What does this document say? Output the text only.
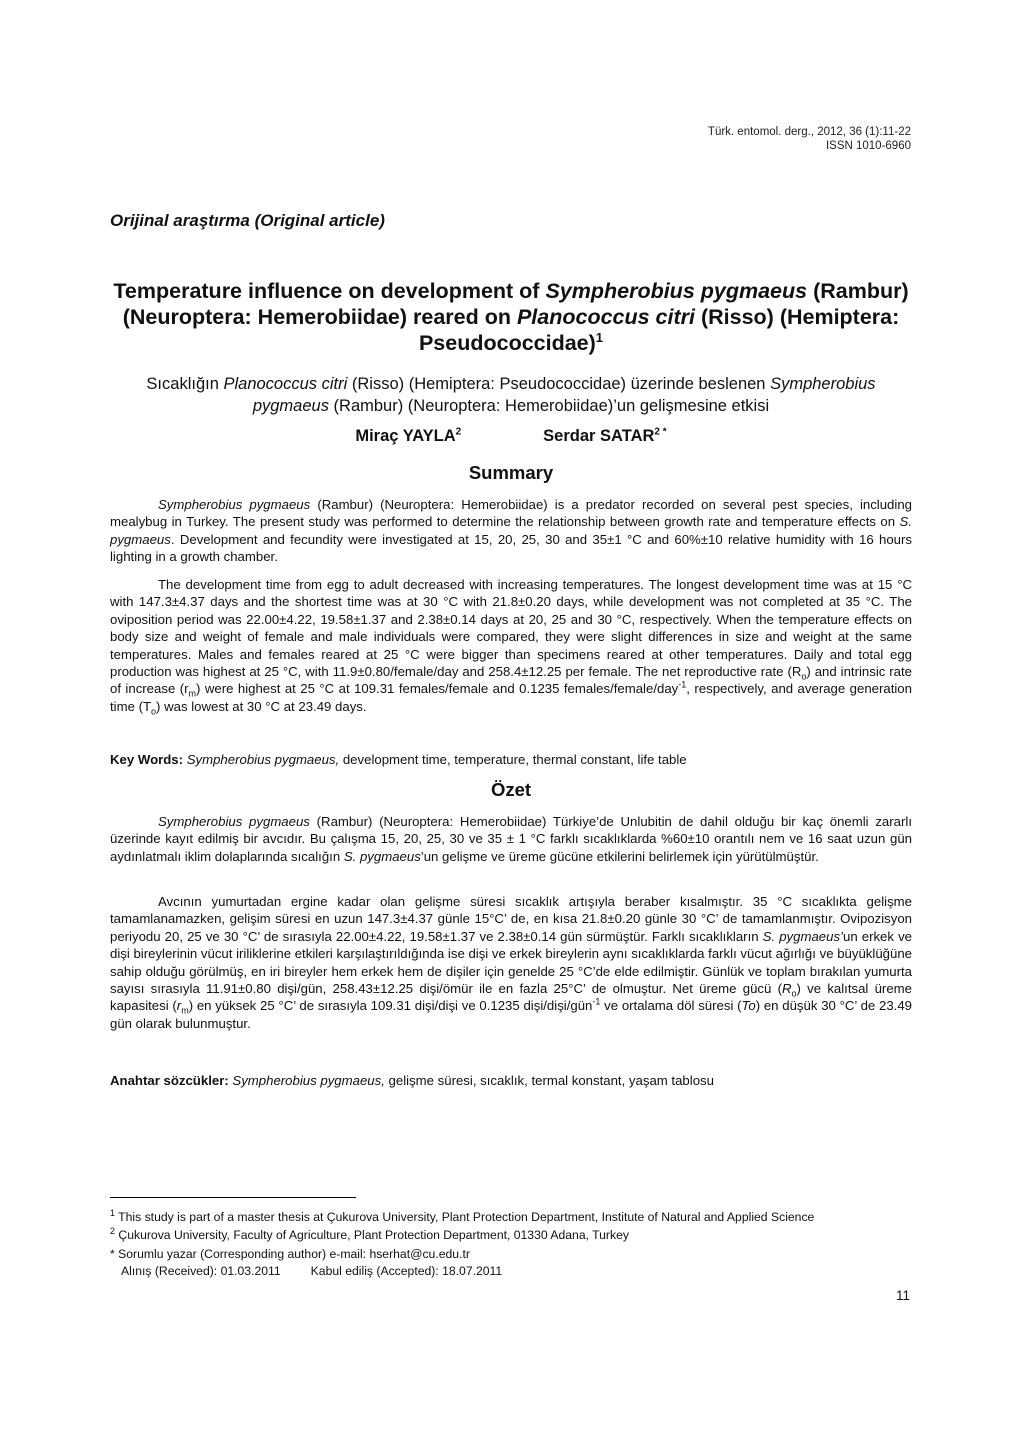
Türk. entomol. derg., 2012, 36 (1):11-22
ISSN 1010-6960
Orijinal araştırma (Original article)
Temperature influence on development of Sympherobius pygmaeus (Rambur) (Neuroptera: Hemerobiidae) reared on Planococcus citri (Risso) (Hemiptera: Pseudococcidae)$^1$
Sıcaklığın Planococcus citri (Risso) (Hemiptera: Pseudococcidae) üzerinde beslenen Sympherobius pygmaeus (Rambur) (Neuroptera: Hemerobiidae)’un gelişmesine etkisi
Miraç YAYLA$^2$	Serdar $SATAR^{2 *}$
Summary
Sympherobius pygmaeus (Rambur) (Neuroptera: Hemerobiidae) is a predator recorded on several pest species, including mealybug in Turkey. The present study was performed to determine the relationship between growth rate and temperature effects on S. pygmaeus. Development and fecundity were investigated at 15, 20, 25, 30 and 35±1 °C and 60%±10 relative humidity with 16 hours lighting in a growth chamber.
The development time from egg to adult decreased with increasing temperatures. The longest development time was at 15 °C with 147.3±4.37 days and the shortest time was at 30 °C with 21.8±0.20 days, while development was not completed at 35 °C. The oviposition period was 22.00±4.22, 19.58±1.37 and 2.38±0.14 days at 20, 25 and 30 °C, respectively. When the temperature effects on body size and weight of female and male individuals were compared, they were slight differences in size and weight at the same temperatures. Males and females reared at 25 °C were bigger than specimens reared at other temperatures. Daily and total egg production was highest at 25 °C, with 11.9±0.80/female/day and 258.4±12.25 per female. The net reproductive rate $(R_o)$ and intrinsic rate of increase $(r_m)$ were highest at 25 °C at 109.31 females/female and 0.1235 females/female/day$^{-1}$, respectively, and average generation time $(T_o)$ was lowest at 30 °C at 23.49 days.
Key Words: Sympherobius pygmaeus, development time, temperature, thermal constant, life table
Özet
Sympherobius pygmaeus (Rambur) (Neuroptera: Hemerobiidae) Türkiye’de Unlubitin de dahil olduğu bir kaç önemli zararlı üzerinde kayıt edilmiş bir avcıdır. Bu çalışma 15, 20, 25, 30 ve 35 ± 1 °C farklı sıcaklıklarda %60±10 orantılı nem ve 16 saat uzun gün aydınlatmalı iklim dolaplarında sıcalığın S. pygmaeus’un gelişme ve üreme gücüne etkilerini belirlemek için yürütülmüştür.
Avcının yumurtadan ergine kadar olan gelişme süresi sıcaklık artışıyla beraber kısalmıştır. 35 °C sıcaklıkta gelişme tamamlanamazken, gelişim süresi en uzun 147.3±4.37 günle 15°C’ de, en kısa 21.8±0.20 günle 30 °C’ de tamamlanmıştır. Ovipozisyon periyodu 20, 25 ve 30 °C’ de sırasıyla 22.00±4.22, 19.58±1.37 ve 2.38±0.14 gün sürmüştür. Farklı sıcaklıkların S. pygmaeus’un erkek ve dişi bireylerinin vücut iriliklerine etkileri karşılaştırıldığında ise dişi ve erkek bireylerin aynı sıcaklıklarda farklı vücut ağırlığı ve büyüklüğüne sahip olduğu görülmüş, en iri bireyler hem erkek hem de dişiler için genelde 25 °C’de elde edilmiştir. Günlük ve toplam bırakılan yumurta sayısı sırasıyla 11.91±0.80 dişi/gün, 258.43±12.25 dişi/ömür ile en fazla 25°C’ de olmuştur. Net üreme gücü $(R_o)$ ve kalıtsal üreme kapasitesi $(r_m)$ en yüksek 25 °C’ de sırasıyla 109.31 dişi/dişi ve 0.1235 dişi/dişi/gün$^{-1}$ ve ortalama döl süresi (To) en düşük 30 °C’ de 23.49 gün olarak bulunmuştur.
Anahtar sözcükler: Sympherobius pygmaeus, gelişme süresi, sıcaklık, termal konstant, yaşam tablosu
$^1$ This study is part of a master thesis at Çukurova University, Plant Protection Department, Institute of Natural and Applied Science
$^2$ Çukurova University, Faculty of Agriculture, Plant Protection Department, 01330 Adana, Turkey
* Sorumlu yazar (Corresponding author) e-mail: hserhat@cu.edu.tr
Alınış (Received): 01.03.2011 Kabul ediliş (Accepted): 18.07.2011
11
